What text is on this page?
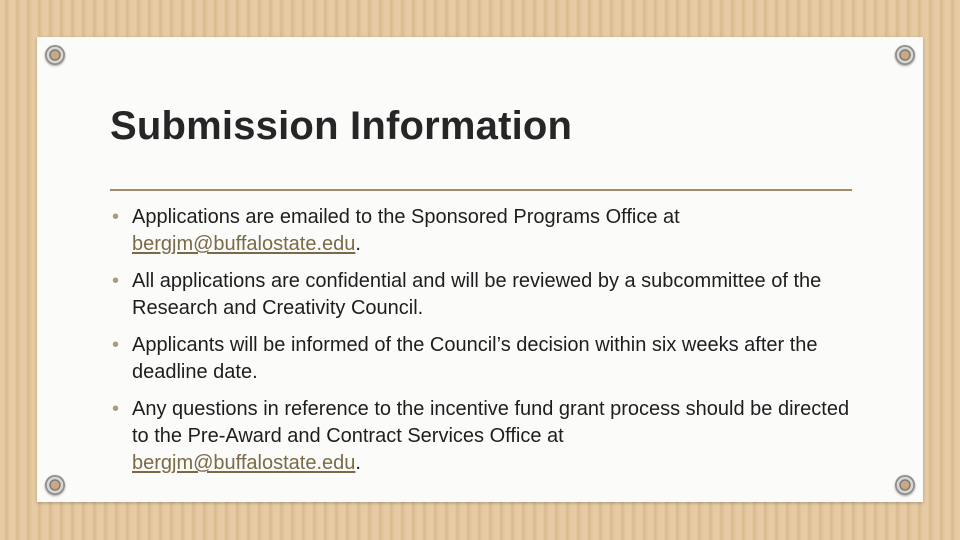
Submission Information
• Applications are emailed to the Sponsored Programs Office at
bergjm@buffalostate.edu.
• All applications are confidential and will be reviewed by a subcommittee of the Research and Creativity Council.
• Applicants will be informed of the Council’s decision within six weeks after the deadline date.
• Any questions in reference to the incentive fund grant process should be directed to the Pre-Award and Contract Services Office at
bergjm@buffalostate.edu.
